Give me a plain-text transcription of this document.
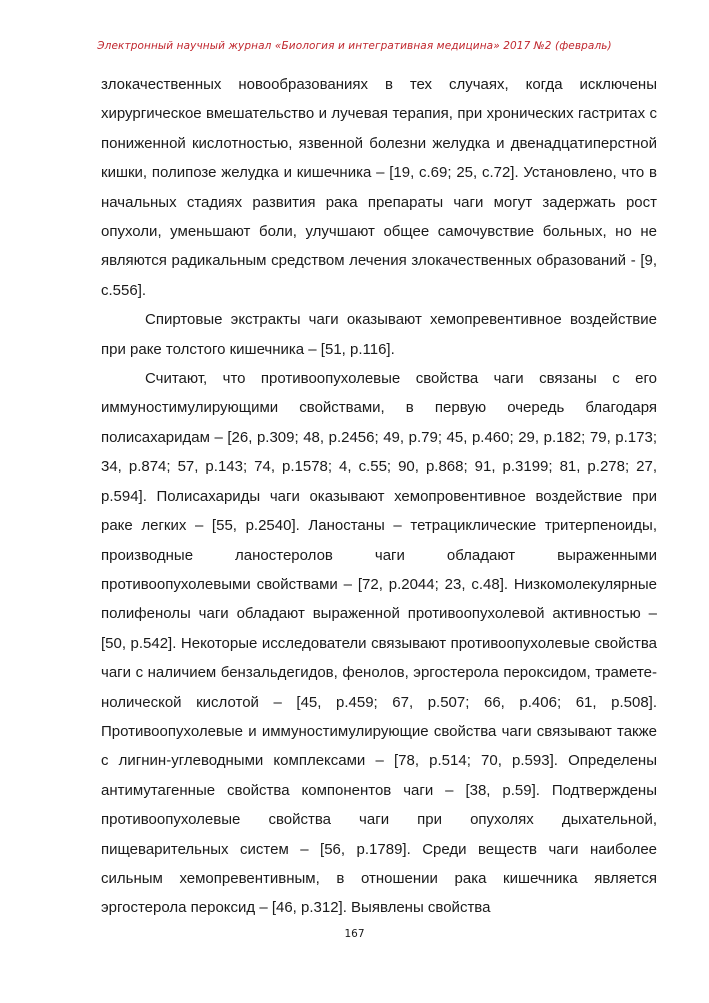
Электронный научный журнал «Биология и интегративная медицина» 2017 №2 (февраль)

злокачественных новообразованиях в тех случаях, когда исключены хирургическое вмешательство и лучевая терапия, при хронических гастритах с пониженной кислотностью, язвенной болезни желудка и двенадцатиперстной кишки, полипозе желудка и кишечника – [19, с.69; 25, с.72]. Установлено, что в начальных стадиях развития рака препараты чаги могут задержать рост опухоли, уменьшают боли, улучшают общее самочувствие больных, но не являются радикальным средством лечения злокачественных образований - [9, с.556].

Спиртовые экстракты чаги оказывают хемопревентивное воздействие при раке толстого кишечника – [51, р.116].

Считают, что противоопухолевые свойства чаги связаны с его иммуностимулирующими свойствами, в первую очередь благодаря полисахаридам – [26, р.309; 48, р.2456; 49, р.79; 45, р.460; 29, р.182; 79, р.173; 34, р.874; 57, р.143; 74, р.1578; 4, с.55; 90, р.868; 91, р.3199; 81, р.278; 27, р.594]. Полисахариды чаги оказывают хемопровентивное воздействие при раке легких – [55, р.2540]. Ланостаны – тетрациклические тритерпеноиды, производные ланостеролов чаги обладают выраженными противоопухолевыми свойствами – [72, р.2044; 23, с.48]. Низкомолекулярные полифенолы чаги обладают выраженной противоопухолевой активностью – [50, р.542]. Некоторые исследователи связывают противоопухолевые свойства чаги с наличием бензальдегидов, фенолов, эргостерола пероксидом, траметенолической кислотой – [45, р.459; 67, р.507; 66, р.406; 61, р.508]. Противоопухолевые и иммуностимулирующие свойства чаги связывают также с лигнин-углеводными комплексами – [78, р.514; 70, р.593]. Определены антимутагенные свойства компонентов чаги – [38, р.59]. Подтверждены противоопухолевые свойства чаги при опухолях дыхательной, пищеварительных систем – [56, р.1789]. Среди веществ чаги наиболее сильным хемопревентивным, в отношении рака кишечника является эргостерола пероксид – [46, р.312]. Выявлены свойства

167
